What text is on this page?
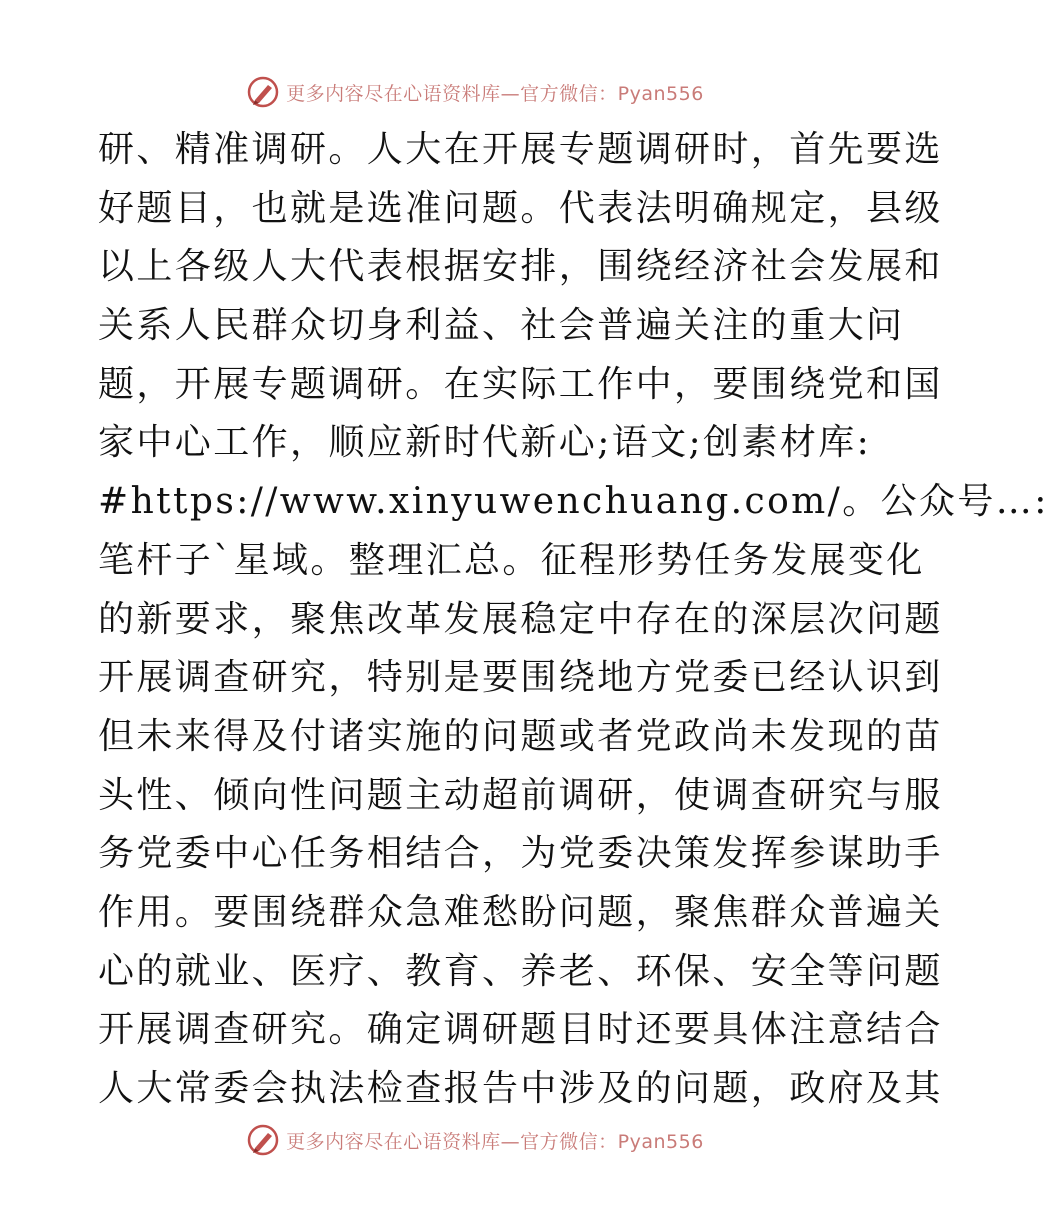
更多内容尽在心语资料库—官方微信：Pyan556
研、精准调研。人大在开展专题调研时，首先要选
好题目，也就是选准问题。代表法明确规定，县级
以上各级人大代表根据安排，围绕经济社会发展和
关系人民群众切身利益、社会普遍关注的重大问
题，开展专题调研。在实际工作中，要围绕党和国
家中心工作，顺应新时代新心;语文;创素材库:
#https://www.xinyuwenchuang.com/。公众号…:
笔杆子`星域。整理汇总。征程形势任务发展变化
的新要求，聚焦改革发展稳定中存在的深层次问题
开展调查研究，特别是要围绕地方党委已经认识到
但未来得及付诸实施的问题或者党政尚未发现的苗
头性、倾向性问题主动超前调研，使调查研究与服
务党委中心任务相结合，为党委决策发挥参谋助手
作用。要围绕群众急难愁盼问题，聚焦群众普遍关
心的就业、医疗、教育、养老、环保、安全等问题
开展调查研究。确定调研题目时还要具体注意结合
人大常委会执法检查报告中涉及的问题，政府及其
更多内容尽在心语资料库—官方微信：Pyan556
